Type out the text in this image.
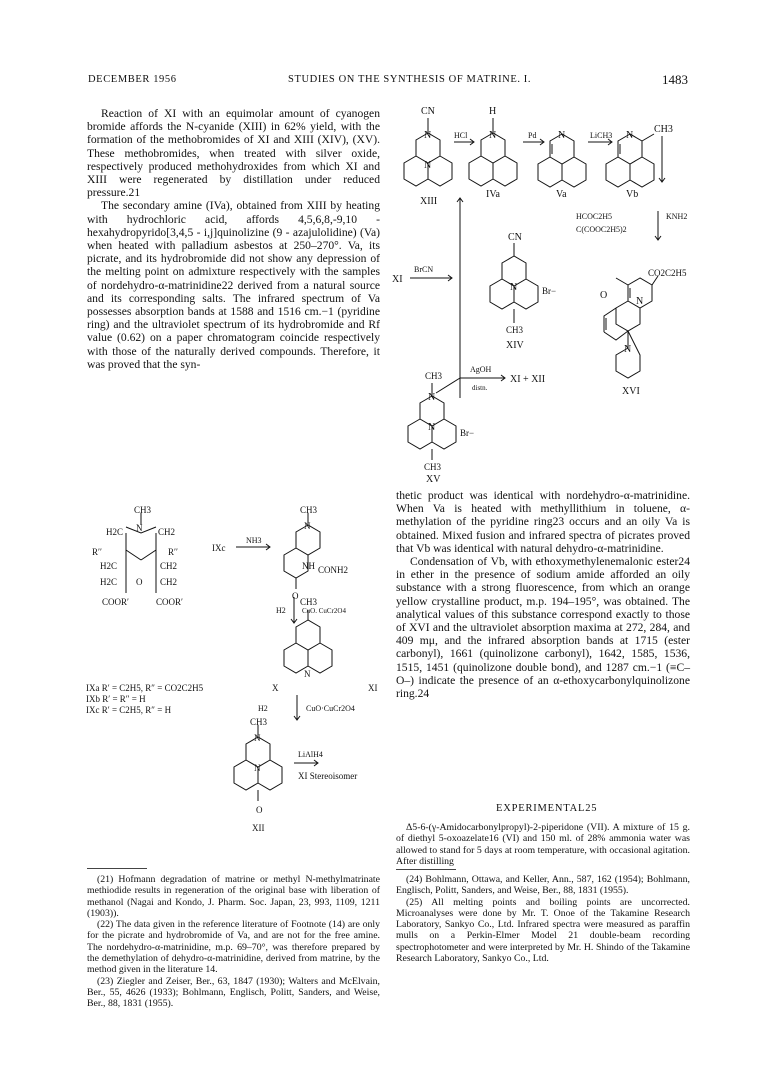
DECEMBER 1956	STUDIES ON THE SYNTHESIS OF MATRINE. I.	1483

Reaction of XI with an equimolar amount of cyanogen bromide affords the N-cyanide (XIII) in 62% yield, with the formation of the methobromides of XI and XIII (XIV), (XV). These methobromides, when treated with silver oxide, respectively produced methohydroxides from which XI and XIII were regenerated by distillation under reduced pressure.21

The secondary amine (IVa), obtained from XIII by heating with hydrochloric acid, affords 4,5,6,8,-9,10 - hexahydropyrido[3,4,5 - i,j]quinolizine (9 - azajulolidine) (Va) when heated with palladium asbestos at 250–270°. Va, its picrate, and its hydrobromide did not show any depression of the melting point on admixture respectively with the samples of nordehydro-α-matrinidine22 derived from a natural source and its corresponding salts. The infrared spectrum of Va possesses absorption bands at 1588 and 1516 cm.−1 (pyridine ring) and the ultraviolet spectrum of its hydrobromide and Rf value (0.62) on a paper chromatogram coincide respectively with those of the naturally derived compounds. Therefore, it was proved that the syn-

thetic product was identical with nordehydro-α-matrinidine. When Va is heated with methyllithium in toluene, α-methylation of the pyridine ring23 occurs and an oily Va is obtained. Mixed fusion and infrared spectra of picrates proved that Vb was identical with natural dehydro-α-matrinidine.

Condensation of Vb, with ethoxymethylenemalonic ester24 in ether in the presence of sodium amide afforded an oily substance with a strong fluorescence, from which an orange yellow crystalline product, m.p. 194–195°, was obtained. The analytical values of this substance correspond exactly to those of XVI and the ultraviolet absorption maxima at 272, 284, and 409 mμ, and the infrared absorption bands at 1715 (ester carbonyl), 1661 (quinolizone carbonyl), 1642, 1585, 1536, 1515, 1451 (quinolizone double bond), and 1287 cm.−1 (≡C–O–) indicate the presence of an α-ethoxycarbonylquinolizone ring.24

EXPERIMENTAL25

Δ5-6-(γ-Amidocarbonylpropyl)-2-piperidone (VII). A mixture of 15 g. of diethyl 5-oxoazelate16 (VI) and 150 ml. of 28% ammonia water was allowed to stand for 5 days at room temperature, with occasional agitation. After distilling

(21) Hofmann degradation of matrine or methyl N-methylmatrinate methiodide results in regeneration of the original base with liberation of methanol (Nagai and Kondo, J. Pharm. Soc. Japan, 23, 993, 1109, 1211 (1903)).

(22) The data given in the reference literature of Footnote (14) are only for the picrate and hydrobromide of Va, and are not for the free amine. The nordehydro-α-matrinidine, m.p. 69–70°, was therefore prepared by the demethylation of dehydro-α-matrinidine, derived from matrine, by the method given in the literature 14.

(23) Ziegler and Zeiser, Ber., 63, 1847 (1930); Walters and McElvain, Ber., 55, 4626 (1933); Bohlmann, Englisch, Politt, Sanders, and Weise, Ber., 88, 1831 (1955).

(24) Bohlmann, Ottawa, and Keller, Ann., 587, 162 (1954); Bohlmann, Englisch, Politt, Sanders, and Weise, Ber., 88, 1831 (1955).

(25) All melting points and boiling points are uncorrected. Microanalyses were done by Mr. T. Onoe of the Takamine Research Laboratory, Sankyo Co., Ltd. Infrared spectra were measured as paraffin mulls on a Perkin-Elmer Model 21 double-beam recording spectrophotometer and were interpreted by Mr. H. Shindo of the Takamine Research Laboratory, Sankyo Co., Ltd.

CN	H
N
N
N	N	N
CH3
HCl	Pd	LiCH3
XIII
IVa	Va	Vb
CN
BrCN
XI
N	Br−
CH3
XIV
HCOC2H5
C(COOC2H5)2
KNH2
CO2C2H5
O
N
N
XVI
AgOH
distn.
XI + XII
CH3
N
N	Br−
CH3
XV
CH3
N
H2C	CH2
R′′	R′′
H2C	CH2
H2C O CH2
COOR′	COOR′
IXc
NH3
CH3
N
NH CONH2
O
H2 CuO. CuCr2O4
CH3
N
IXa R′ = C2H5, R″ = CO2C2H5
IXb R′ = R″ = H
IXc R′ = C2H5, R″ = H
X	XI
H2	CuO·CuCr2O4
CH3
N
N
O
LiAlH4
XI Stereoisomer
XII
